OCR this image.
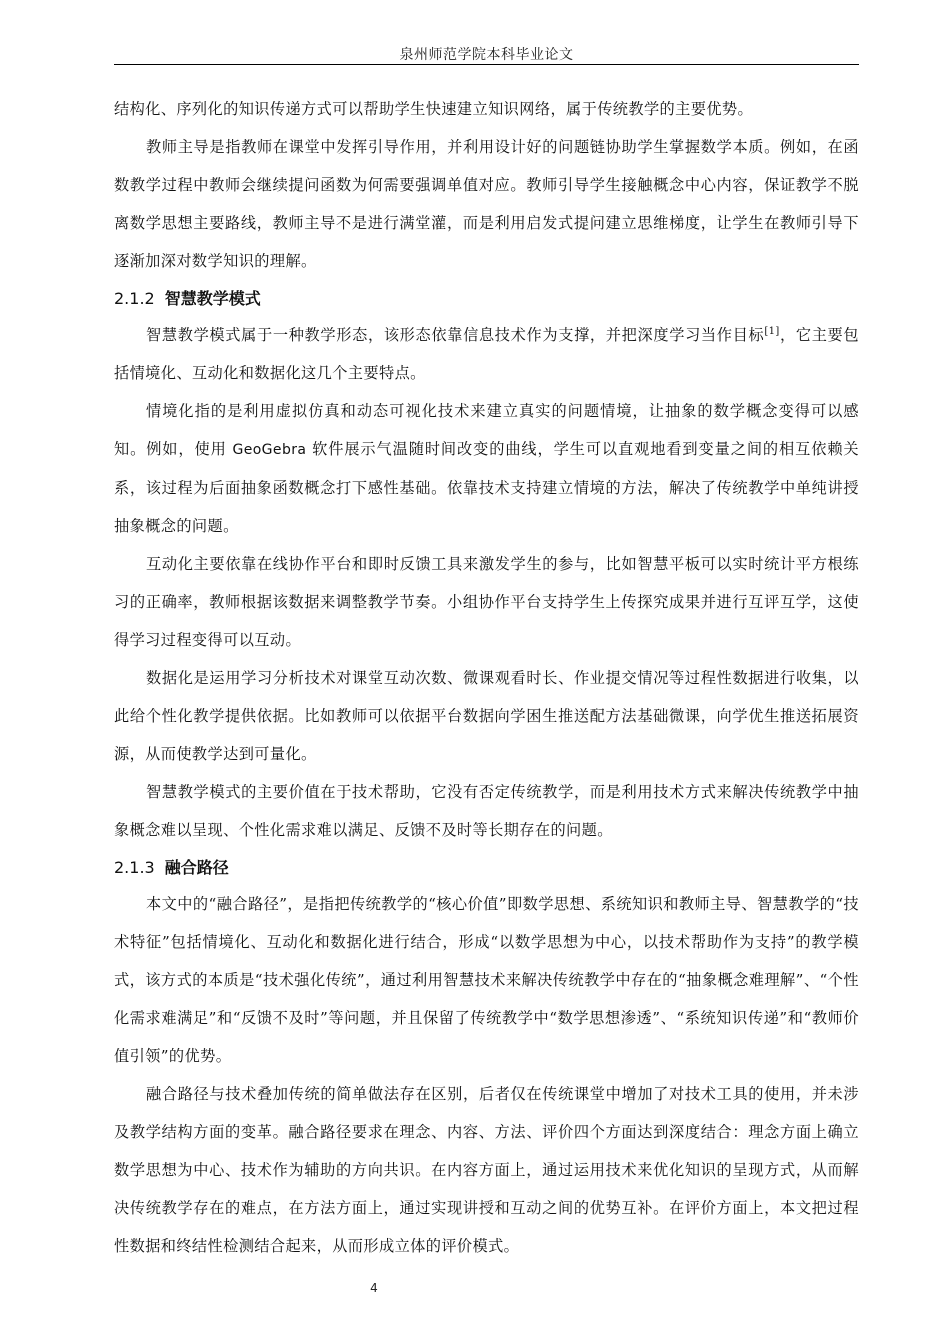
泉州师范学院本科毕业论文

结构化、序列化的知识传递方式可以帮助学生快速建立知识网络，属于传统教学的主要优势。

教师主导是指教师在课堂中发挥引导作用，并利用设计好的问题链协助学生掌握数学本质。例如，在函数教学过程中教师会继续提问函数为何需要强调单值对应。教师引导学生接触概念中心内容，保证教学不脱离数学思想主要路线，教师主导不是进行满堂灌，而是利用启发式提问建立思维梯度，让学生在教师引导下逐渐加深对数学知识的理解。

2.1.2 智慧教学模式

智慧教学模式属于一种教学形态，该形态依靠信息技术作为支撑，并把深度学习当作目标[1]，它主要包括情境化、互动化和数据化这几个主要特点。

情境化指的是利用虚拟仿真和动态可视化技术来建立真实的问题情境，让抽象的数学概念变得可以感知。例如，使用 GeoGebra 软件展示气温随时间改变的曲线，学生可以直观地看到变量之间的相互依赖关系，该过程为后面抽象函数概念打下感性基础。依靠技术支持建立情境的方法，解决了传统教学中单纯讲授抽象概念的问题。

互动化主要依靠在线协作平台和即时反馈工具来激发学生的参与，比如智慧平板可以实时统计平方根练习的正确率，教师根据该数据来调整教学节奏。小组协作平台支持学生上传探究成果并进行互评互学，这使得学习过程变得可以互动。

数据化是运用学习分析技术对课堂互动次数、微课观看时长、作业提交情况等过程性数据进行收集，以此给个性化教学提供依据。比如教师可以依据平台数据向学困生推送配方法基础微课，向学优生推送拓展资源，从而使教学达到可量化。

智慧教学模式的主要价值在于技术帮助，它没有否定传统教学，而是利用技术方式来解决传统教学中抽象概念难以呈现、个性化需求难以满足、反馈不及时等长期存在的问题。

2.1.3 融合路径

本文中的“融合路径”，是指把传统教学的“核心价值”即数学思想、系统知识和教师主导、智慧教学的“技术特征”包括情境化、互动化和数据化进行结合，形成“以数学思想为中心，以技术帮助作为支持”的教学模式，该方式的本质是“技术强化传统”，通过利用智慧技术来解决传统教学中存在的“抽象概念难理解”、“个性化需求难满足”和“反馈不及时”等问题，并且保留了传统教学中“数学思想渗透”、“系统知识传递”和“教师价值引领”的优势。

融合路径与技术叠加传统的简单做法存在区别，后者仅在传统课堂中增加了对技术工具的使用，并未涉及教学结构方面的变革。融合路径要求在理念、内容、方法、评价四个方面达到深度结合：理念方面上确立数学思想为中心、技术作为辅助的方向共识。在内容方面上，通过运用技术来优化知识的呈现方式，从而解决传统教学存在的难点，在方法方面上，通过实现讲授和互动之间的优势互补。在评价方面上，本文把过程性数据和终结性检测结合起来，从而形成立体的评价模式。

4
